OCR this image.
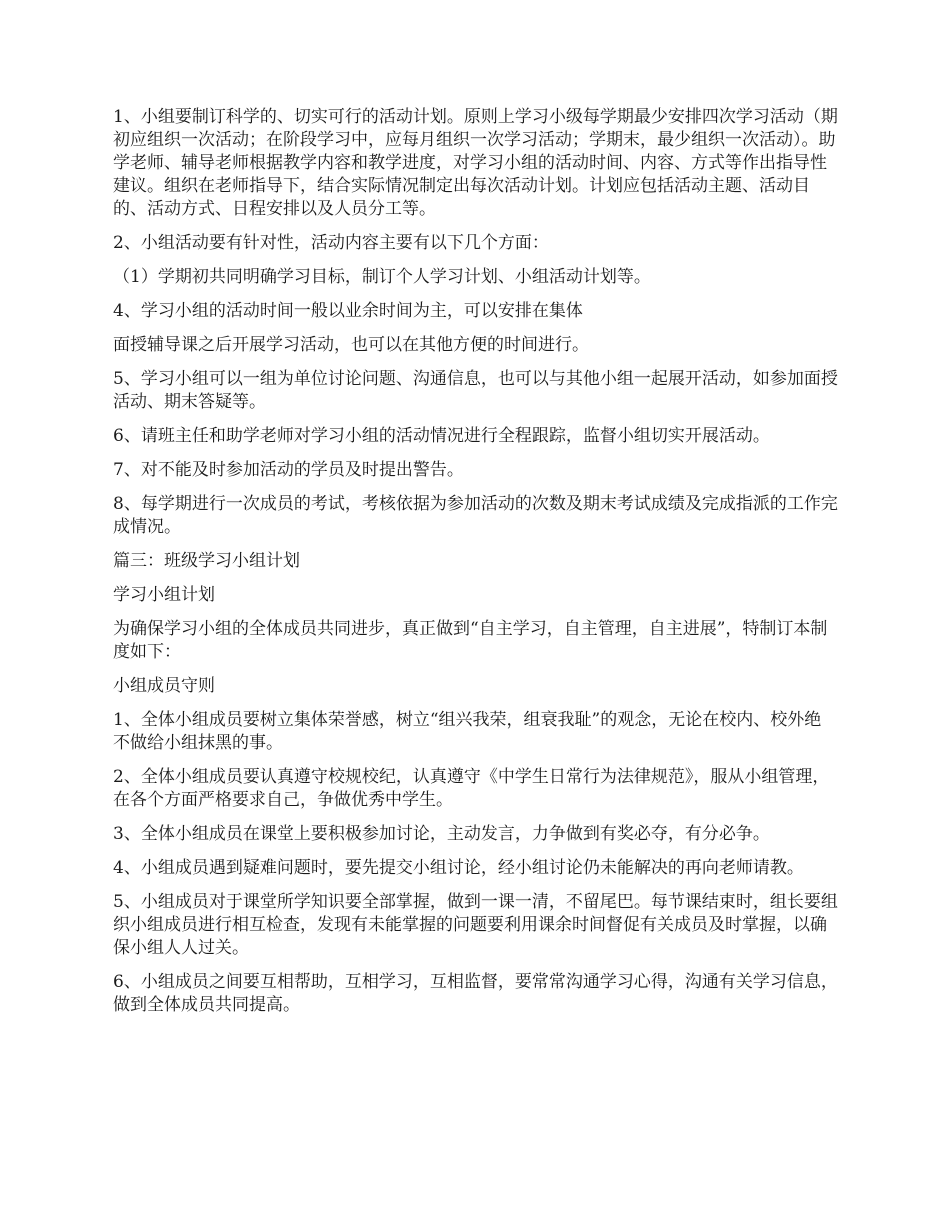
1、小组要制订科学的、切实可行的活动计划。原则上学习小级每学期最少安排四次学习活动（期初应组织一次活动；在阶段学习中，应每月组织一次学习活动；学期末，最少组织一次活动）。助学老师、辅导老师根据教学内容和教学进度，对学习小组的活动时间、内容、方式等作出指导性建议。组织在老师指导下，结合实际情况制定出每次活动计划。计划应包括活动主题、活动目的、活动方式、日程安排以及人员分工等。

2、小组活动要有针对性，活动内容主要有以下几个方面：

（1）学期初共同明确学习目标，制订个人学习计划、小组活动计划等。

4、学习小组的活动时间一般以业余时间为主，可以安排在集体

面授辅导课之后开展学习活动，也可以在其他方便的时间进行。

5、学习小组可以一组为单位讨论问题、沟通信息，也可以与其他小组一起展开活动，如参加面授活动、期末答疑等。

6、请班主任和助学老师对学习小组的活动情况进行全程跟踪，监督小组切实开展活动。

7、对不能及时参加活动的学员及时提出警告。

8、每学期进行一次成员的考试，考核依据为参加活动的次数及期末考试成绩及完成指派的工作完成情况。

篇三：班级学习小组计划

学习小组计划

为确保学习小组的全体成员共同进步，真正做到“自主学习，自主管理，自主进展”，特制订本制度如下：

小组成员守则

1、全体小组成员要树立集体荣誉感，树立“组兴我荣，组衰我耻”的观念，无论在校内、校外绝不做给小组抹黑的事。

2、全体小组成员要认真遵守校规校纪，认真遵守《中学生日常行为法律规范》，服从小组管理，在各个方面严格要求自己，争做优秀中学生。

3、全体小组成员在课堂上要积极参加讨论，主动发言，力争做到有奖必夺，有分必争。

4、小组成员遇到疑难问题时，要先提交小组讨论，经小组讨论仍未能解决的再向老师请教。

5、小组成员对于课堂所学知识要全部掌握，做到一课一清，不留尾巴。每节课结束时，组长要组织小组成员进行相互检查，发现有未能掌握的问题要利用课余时间督促有关成员及时掌握，以确保小组人人过关。

6、小组成员之间要互相帮助，互相学习，互相监督，要常常沟通学习心得，沟通有关学习信息，做到全体成员共同提高。
